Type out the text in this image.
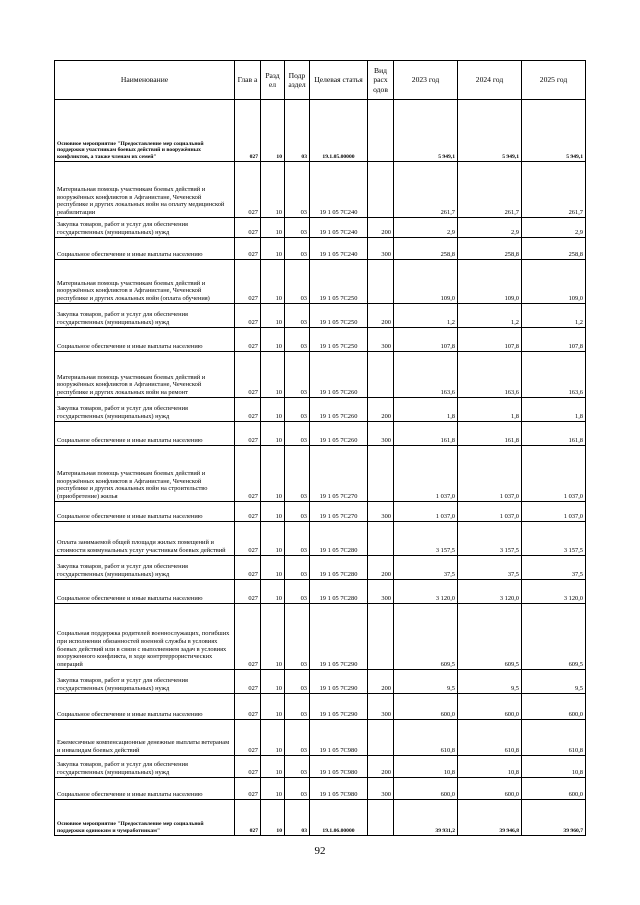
Наименование	Глав а	Разд ел	Подр аздел	Целевая статья	Вид расх одов	2023 год	2024 год	2025 год
Основное мероприятие "Предоставление мер социальной поддержки участникам боевых действий и вооружённых конфликтов, а также членам их семей"	027	10	03	19.1.05.00000		5 949,1	5 949,1	5 949,1
Материальная помощь участникам боевых действий и вооружённых конфликтов в Афганистане, Чеченской республике и других локальных войн на оплату медицинской реабилитации	027	10	03	19 1 05 7С240		261,7	261,7	261,7
Закупка товаров, работ и услуг для обеспечения государственных (муниципальных) нужд	027	10	03	19 1 05 7С240	200	2,9	2,9	2,9
Социальное обеспечение и иные выплаты населению	027	10	03	19 1 05 7С240	300	258,8	258,8	258,8
Материальная помощь участникам боевых действий и вооружённых конфликтов в Афганистане, Чеченской республике и других локальных войн (оплата обучения)	027	10	03	19 1 05 7С250		109,0	109,0	109,0
Закупка товаров, работ и услуг для обеспечения государственных (муниципальных) нужд	027	10	03	19 1 05 7С250	200	1,2	1,2	1,2
Социальное обеспечение и иные выплаты населению	027	10	03	19 1 05 7С250	300	107,8	107,8	107,8
Материальная помощь участникам боевых действий и вооружённых конфликтов в Афганистане, Чеченской республике и других локальных войн на ремонт	027	10	03	19 1 05 7С260		163,6	163,6	163,6
Закупка товаров, работ и услуг для обеспечения государственных (муниципальных) нужд	027	10	03	19 1 05 7С260	200	1,8	1,8	1,8
Социальное обеспечение и иные выплаты населению	027	10	03	19 1 05 7С260	300	161,8	161,8	161,8
Материальная помощь участникам боевых действий и вооружённых конфликтов в Афганистане, Чеченской республике и других локальных войн на строительство (приобретение) жилья	027	10	03	19 1 05 7С270		1 037,0	1 037,0	1 037,0
Социальное обеспечение и иные выплаты населению	027	10	03	19 1 05 7С270	300	1 037,0	1 037,0	1 037,0
Оплата занимаемой общей площади жилых помещений и стоимости коммунальных услуг участникам боевых действий	027	10	03	19 1 05 7С280		3 157,5	3 157,5	3 157,5
Закупка товаров, работ и услуг для обеспечения государственных (муниципальных) нужд	027	10	03	19 1 05 7С280	200	37,5	37,5	37,5
Социальное обеспечение и иные выплаты населению	027	10	03	19 1 05 7С280	300	3 120,0	3 120,0	3 120,0
Социальная поддержка родителей военнослужащих, погибших при исполнении обязанностей военной службы в условиях боевых действий или в связи с выполнением задач в условиях вооруженного конфликта, в ходе контртеррористических операций	027	10	03	19 1 05 7С290		609,5	609,5	609,5
Закупка товаров, работ и услуг для обеспечения государственных (муниципальных) нужд	027	10	03	19 1 05 7С290	200	9,5	9,5	9,5
Социальное обеспечение и иные выплаты населению	027	10	03	19 1 05 7С290	300	600,0	600,0	600,0
Ежемесячные компенсационные денежные выплаты ветеранам и инвалидам боевых действий	027	10	03	19 1 05 7С980		610,8	610,8	610,8
Закупка товаров, работ и услуг для обеспечения государственных (муниципальных) нужд	027	10	03	19 1 05 7С980	200	10,8	10,8	10,8
Социальное обеспечение и иные выплаты населению	027	10	03	19 1 05 7С980	300	600,0	600,0	600,0
Основное мероприятие "Предоставление мер социальной поддержки одиноким и чумработникам"	027	10	03	19.1.06.00000		39 931,2	39 946,8	39 960,7
92
